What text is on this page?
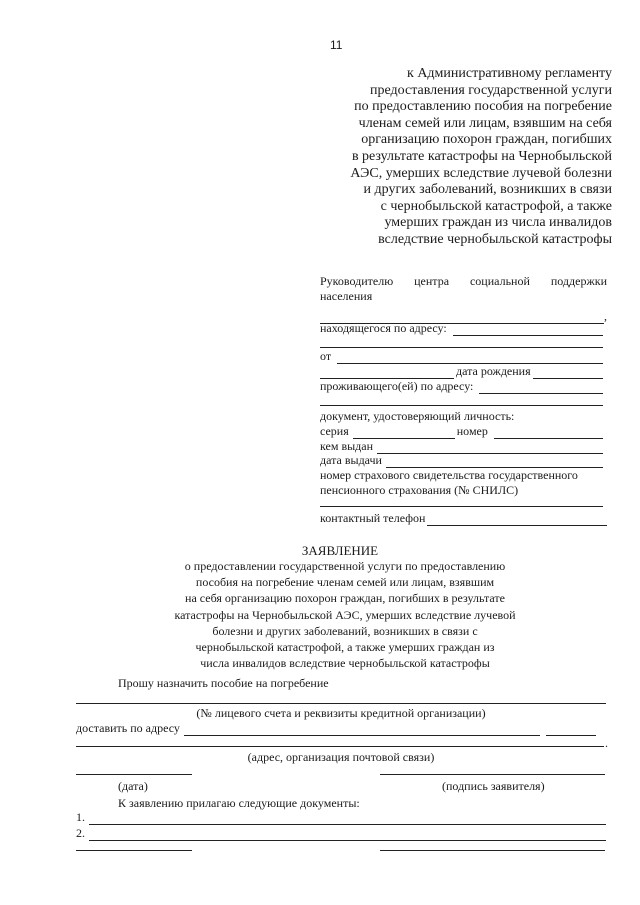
11
к Административному регламенту
предоставления государственной услуги
по предоставлению пособия на погребение
членам семей или лицам, взявшим на себя
организацию похорон граждан, погибших
в результате катастрофы на Чернобыльской
АЭС, умерших вследствие лучевой болезни
и других заболеваний, возникших в связи
с чернобыльской катастрофой, а также
умерших граждан из числа инвалидов
вследствие чернобыльской катастрофы
Руководителю центра социальной поддержки
населения
,
находящегося по адресу:
от
дата рождения
проживающего(ей) по адресу:
документ, удостоверяющий личность:
серия	номер
кем выдан
дата выдачи
номер страхового свидетельства государственного
пенсионного страхования (№ СНИЛС)
контактный телефон
ЗАЯВЛЕНИЕ
о предоставлении государственной услуги по предоставлению
пособия на погребение членам семей или лицам, взявшим
на себя организацию похорон граждан, погибших в результате
катастрофы на Чернобыльской АЭС, умерших вследствие лучевой
болезни и других заболеваний, возникших в связи с
чернобыльской катастрофой, а также умерших граждан из
числа инвалидов вследствие чернобыльской катастрофы
Прошу назначить пособие на погребение
(№ лицевого счета и реквизиты кредитной организации)
доставить по адресу
.
(адрес, организация почтовой связи)
(дата)	(подпись заявителя)
К заявлению прилагаю следующие документы:
1.
2.
